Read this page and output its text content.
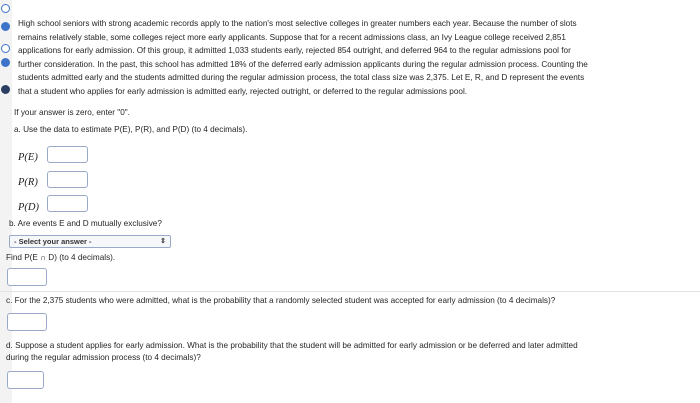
High school seniors with strong academic records apply to the nation's most selective colleges in greater numbers each year. Because the number of slots
remains relatively stable, some colleges reject more early applicants. Suppose that for a recent admissions class, an Ivy League college received 2,851
applications for early admission. Of this group, it admitted 1,033 students early, rejected 854 outright, and deferred 964 to the regular admissions pool for
further consideration. In the past, this school has admitted 18% of the deferred early admission applicants during the regular admission process. Counting the
students admitted early and the students admitted during the regular admission process, the total class size was 2,375. Let E, R, and D represent the events
that a student who applies for early admission is admitted early, rejected outright, or deferred to the regular admissions pool.
If your answer is zero, enter "0".
a. Use the data to estimate P(E), P(R), and P(D) (to 4 decimals).
P(E)
P(R)
P(D)
b. Are events E and D mutually exclusive?
- Select your answer -	⇕
Find P(E ∩ D) (to 4 decimals).
c. For the 2,375 students who were admitted, what is the probability that a randomly selected student was accepted for early admission (to 4 decimals)?
d. Suppose a student applies for early admission. What is the probability that the student will be admitted for early admission or be deferred and later admitted
during the regular admission process (to 4 decimals)?
